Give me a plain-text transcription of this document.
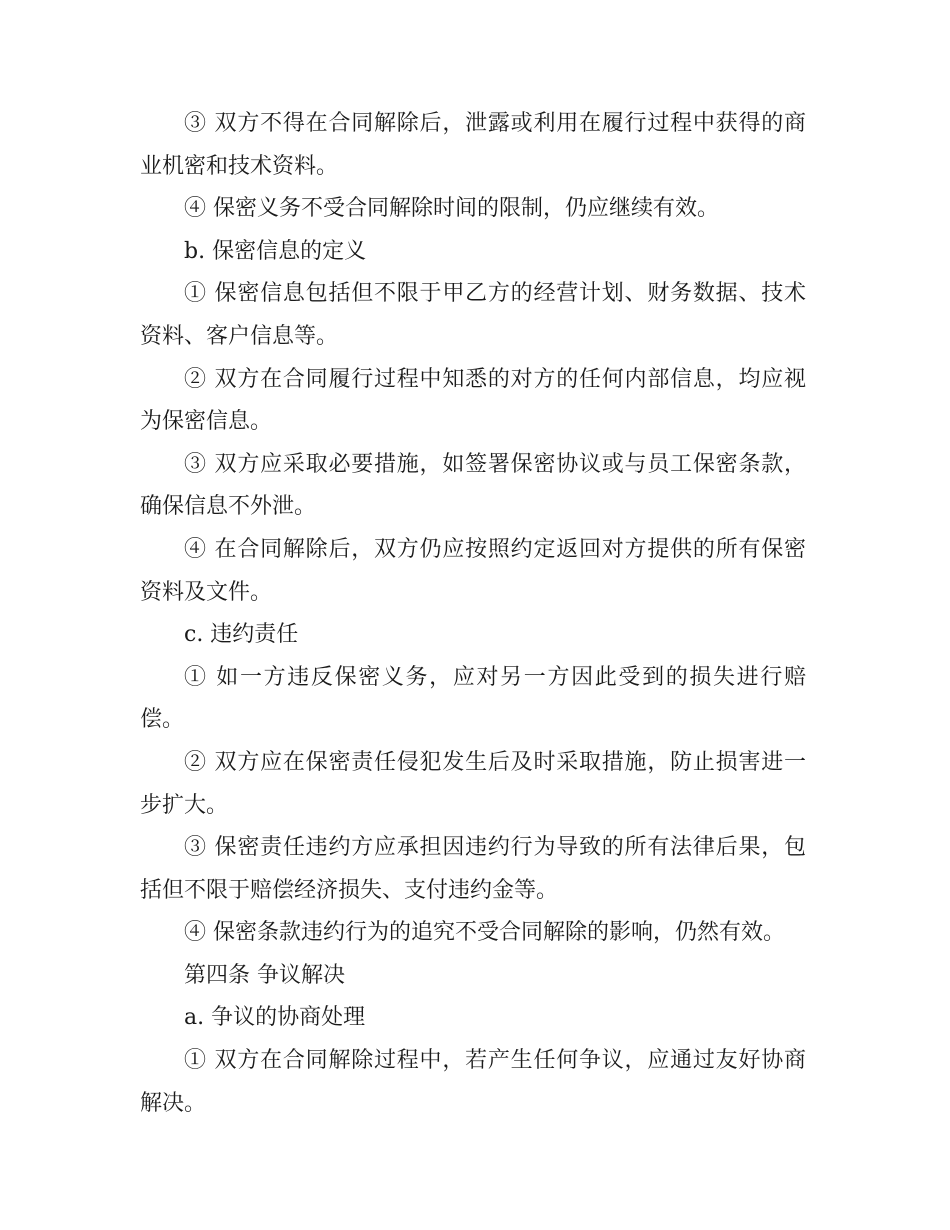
③ 双方不得在合同解除后，泄露或利用在履行过程中获得的商业机密和技术资料。

④ 保密义务不受合同解除时间的限制，仍应继续有效。

b. 保密信息的定义

① 保密信息包括但不限于甲乙方的经营计划、财务数据、技术资料、客户信息等。

② 双方在合同履行过程中知悉的对方的任何内部信息，均应视为保密信息。

③ 双方应采取必要措施，如签署保密协议或与员工保密条款，确保信息不外泄。

④ 在合同解除后，双方仍应按照约定返回对方提供的所有保密资料及文件。

c. 违约责任

① 如一方违反保密义务，应对另一方因此受到的损失进行赔偿。

② 双方应在保密责任侵犯发生后及时采取措施，防止损害进一步扩大。

③ 保密责任违约方应承担因违约行为导致的所有法律后果，包括但不限于赔偿经济损失、支付违约金等。

④ 保密条款违约行为的追究不受合同解除的影响，仍然有效。

第四条 争议解决

a. 争议的协商处理

① 双方在合同解除过程中，若产生任何争议，应通过友好协商解决。
